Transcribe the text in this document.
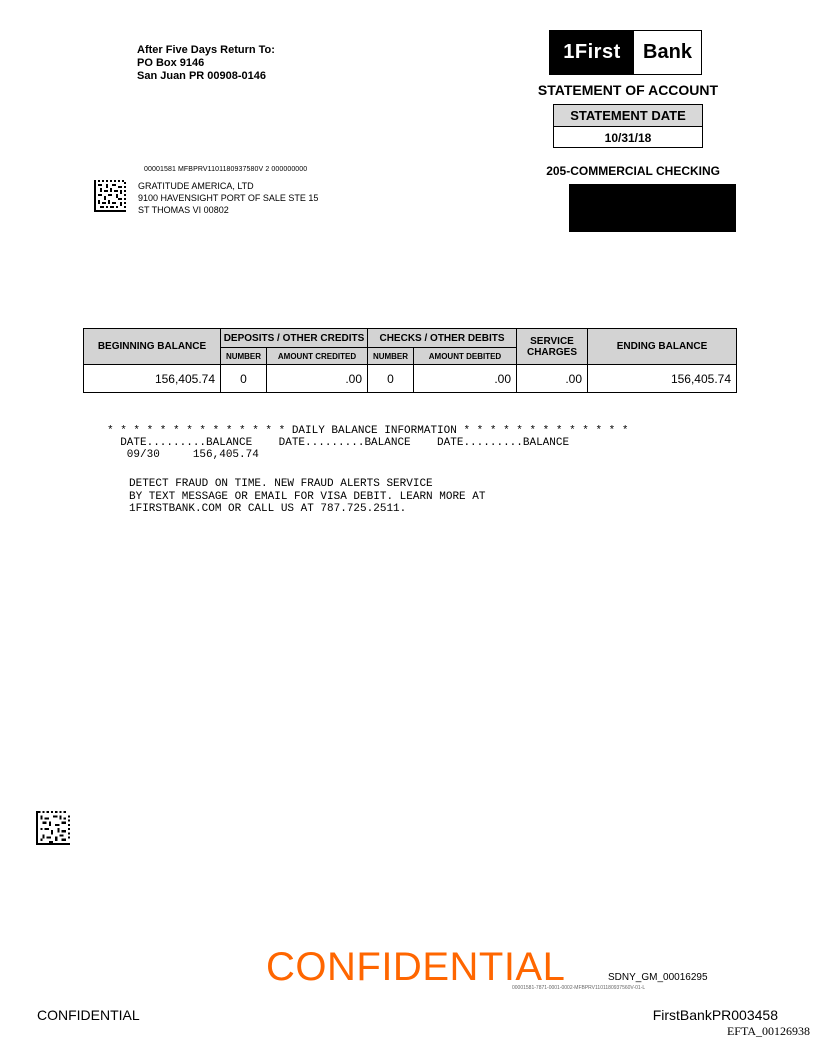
After Five Days Return To:
PO Box 9146
San Juan PR 00908-0146
1First	Bank
STATEMENT OF ACCOUNT
STATEMENT DATE
10/31/18
205-COMMERCIAL CHECKING
00001581 MFBPRV1101180937580V 2 000000000
GRATITUDE AMERICA, LTD
9100 HAVENSIGHT PORT OF SALE STE 15
ST THOMAS VI 00802
BEGINNING BALANCE	DEPOSITS / OTHER CREDITS		CHECKS / OTHER DEBITS		SERVICE CHARGES	ENDING BALANCE
	NUMBER	AMOUNT CREDITED	NUMBER	AMOUNT DEBITED		
156,405.74	0	.00	0	.00	.00	156,405.74
* * * * * * * * * * * * * * DAILY BALANCE INFORMATION * * * * * * * * * * * * *
DATE.........BALANCE    DATE.........BALANCE    DATE.........BALANCE
09/30     156,405.74
DETECT FRAUD ON TIME. NEW FRAUD ALERTS SERVICE
BY TEXT MESSAGE OR EMAIL FOR VISA DEBIT. LEARN MORE AT
1FIRSTBANK.COM OR CALL US AT 787.725.2511.
CONFIDENTIAL	SDNY_GM_00016295
00001581-7871-0001-0002-MFBPRV1101180937560V-01-L
CONFIDENTIAL	FirstBankPR003458
EFTA_00126938
